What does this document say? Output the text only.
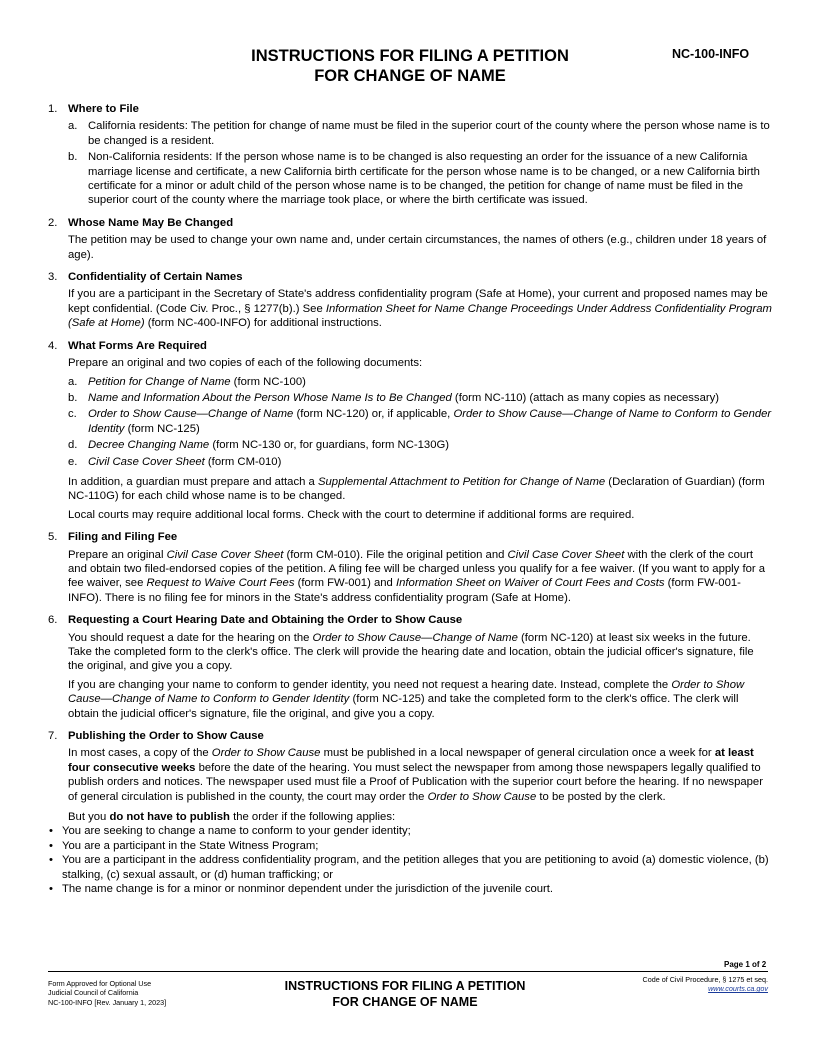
INSTRUCTIONS FOR FILING A PETITION
FOR CHANGE OF NAME
NC-100-INFO
1. Where to File
a. California residents: The petition for change of name must be filed in the superior court of the county where the person whose name is to be changed is a resident.
b. Non-California residents: If the person whose name is to be changed is also requesting an order for the issuance of a new California marriage license and certificate, a new California birth certificate for the person whose name is to be changed, or a new California birth certificate for a minor or adult child of the person whose name is to be changed, the petition for change of name must be filed in the superior court of the county where the marriage took place, or where the birth certificate was issued.
2. Whose Name May Be Changed
The petition may be used to change your own name and, under certain circumstances, the names of others (e.g., children under 18 years of age).
3. Confidentiality of Certain Names
If you are a participant in the Secretary of State's address confidentiality program (Safe at Home), your current and proposed names may be kept confidential. (Code Civ. Proc., § 1277(b).) See Information Sheet for Name Change Proceedings Under Address Confidentiality Program (Safe at Home) (form NC-400-INFO) for additional instructions.
4. What Forms Are Required
Prepare an original and two copies of each of the following documents:
a. Petition for Change of Name (form NC-100)
b. Name and Information About the Person Whose Name Is to Be Changed (form NC-110) (attach as many copies as necessary)
c. Order to Show Cause—Change of Name (form NC-120) or, if applicable, Order to Show Cause—Change of Name to Conform to Gender Identity (form NC-125)
d. Decree Changing Name (form NC-130 or, for guardians, form NC-130G)
e. Civil Case Cover Sheet (form CM-010)
In addition, a guardian must prepare and attach a Supplemental Attachment to Petition for Change of Name (Declaration of Guardian) (form NC-110G) for each child whose name is to be changed.
Local courts may require additional local forms. Check with the court to determine if additional forms are required.
5. Filing and Filing Fee
Prepare an original Civil Case Cover Sheet (form CM-010). File the original petition and Civil Case Cover Sheet with the clerk of the court and obtain two filed-endorsed copies of the petition. A filing fee will be charged unless you qualify for a fee waiver. (If you want to apply for a fee waiver, see Request to Waive Court Fees (form FW-001) and Information Sheet on Waiver of Court Fees and Costs (form FW-001-INFO). There is no filing fee for minors in the State's address confidentiality program (Safe at Home).
6. Requesting a Court Hearing Date and Obtaining the Order to Show Cause
You should request a date for the hearing on the Order to Show Cause—Change of Name (form NC-120) at least six weeks in the future. Take the completed form to the clerk's office. The clerk will provide the hearing date and location, obtain the judicial officer's signature, file the original, and give you a copy.
If you are changing your name to conform to gender identity, you need not request a hearing date. Instead, complete the Order to Show Cause—Change of Name to Conform to Gender Identity (form NC-125) and take the completed form to the clerk's office. The clerk will obtain the judicial officer's signature, file the original, and give you a copy.
7. Publishing the Order to Show Cause
In most cases, a copy of the Order to Show Cause must be published in a local newspaper of general circulation once a week for at least four consecutive weeks before the date of the hearing. You must select the newspaper from among those newspapers legally qualified to publish orders and notices. The newspaper used must file a Proof of Publication with the superior court before the hearing. If no newspaper of general circulation is published in the county, the court may order the Order to Show Cause to be posted by the clerk.
But you do not have to publish the order if the following applies:
• You are seeking to change a name to conform to your gender identity;
• You are a participant in the State Witness Program;
• You are a participant in the address confidentiality program, and the petition alleges that you are petitioning to avoid (a) domestic violence, (b) stalking, (c) sexual assault, or (d) human trafficking; or
• The name change is for a minor or nonminor dependent under the jurisdiction of the juvenile court.
Page 1 of 2
Form Approved for Optional Use
Judicial Council of California
NC-100-INFO [Rev. January 1, 2023]
INSTRUCTIONS FOR FILING A PETITION
FOR CHANGE OF NAME
Code of Civil Procedure, § 1275 et seq.
www.courts.ca.gov
